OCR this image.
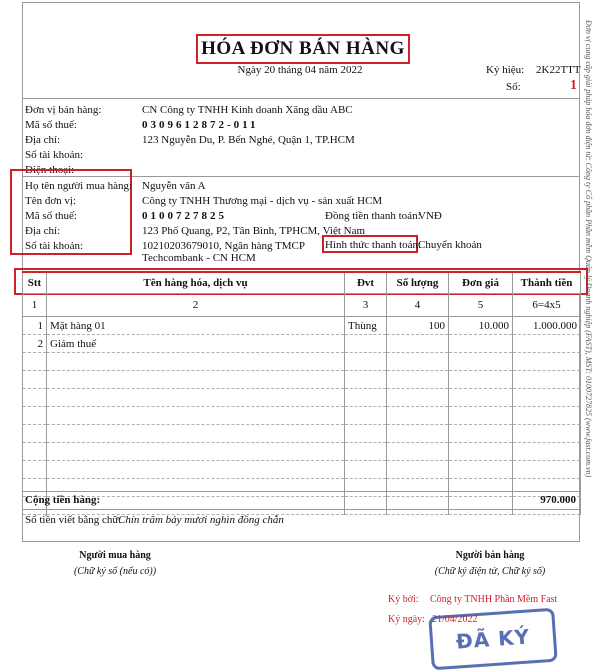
HÓA ĐƠN BÁN HÀNG
Ngày 20 tháng 04 năm 2022	Ký hiệu: 2K22TTT
Số:	1
Đơn vị bán hàng:	CN Công ty TNHH Kinh doanh Xăng dầu ABC
Mã số thuế:	0309612872-011
Địa chỉ:	123 Nguyễn Du, P. Bến Nghé, Quận 1, TP.HCM
Số tài khoản:
Điện thoại:
Họ tên người mua hàng: Nguyễn văn A
Tên đơn vị:	Công ty TNHH Thương mại - dịch vụ - sản xuất HCM
Mã số thuế:	0100727825	Đồng tiền thanh toán:
VNĐ
Địa chỉ:	123 Phố Quang, P2, Tân Bình, TPHCM, Việt Nam
Số tài khoản:	10210203679010, Ngân hàng TMCP
Techcombank - CN HCM
Hình thức thanh toán:
Chuyển khoản
Stt	Tên hàng hóa, dịch vụ	Đvt	Số lượng	Đơn giá	Thành tiền
1	2	3	4	5	6=4x5
1	Mặt hàng 01	Thùng	100	10.000	1.000.000
2	Giảm thuế				

Cộng tiền hàng:	970.000
Số tiền viết bằng chữ:
Chín trăm bảy mươi nghìn đồng chẵn
Người mua hàng
(Chữ ký số (nếu có))
Người bán hàng
(Chữ ký điện tử, Chữ ký số)
ĐÃ KÝ
Ký bởi: Công ty TNHH Phần Mềm Fast
Ký ngày: 21/04/2022
Đơn vị cung cấp giải pháp hóa đơn điện tử: Công ty Cổ phần Phần mềm Quản lý Doanh nghiệp (FAST), MST: 0100727825 (www.fast.com.vn)
